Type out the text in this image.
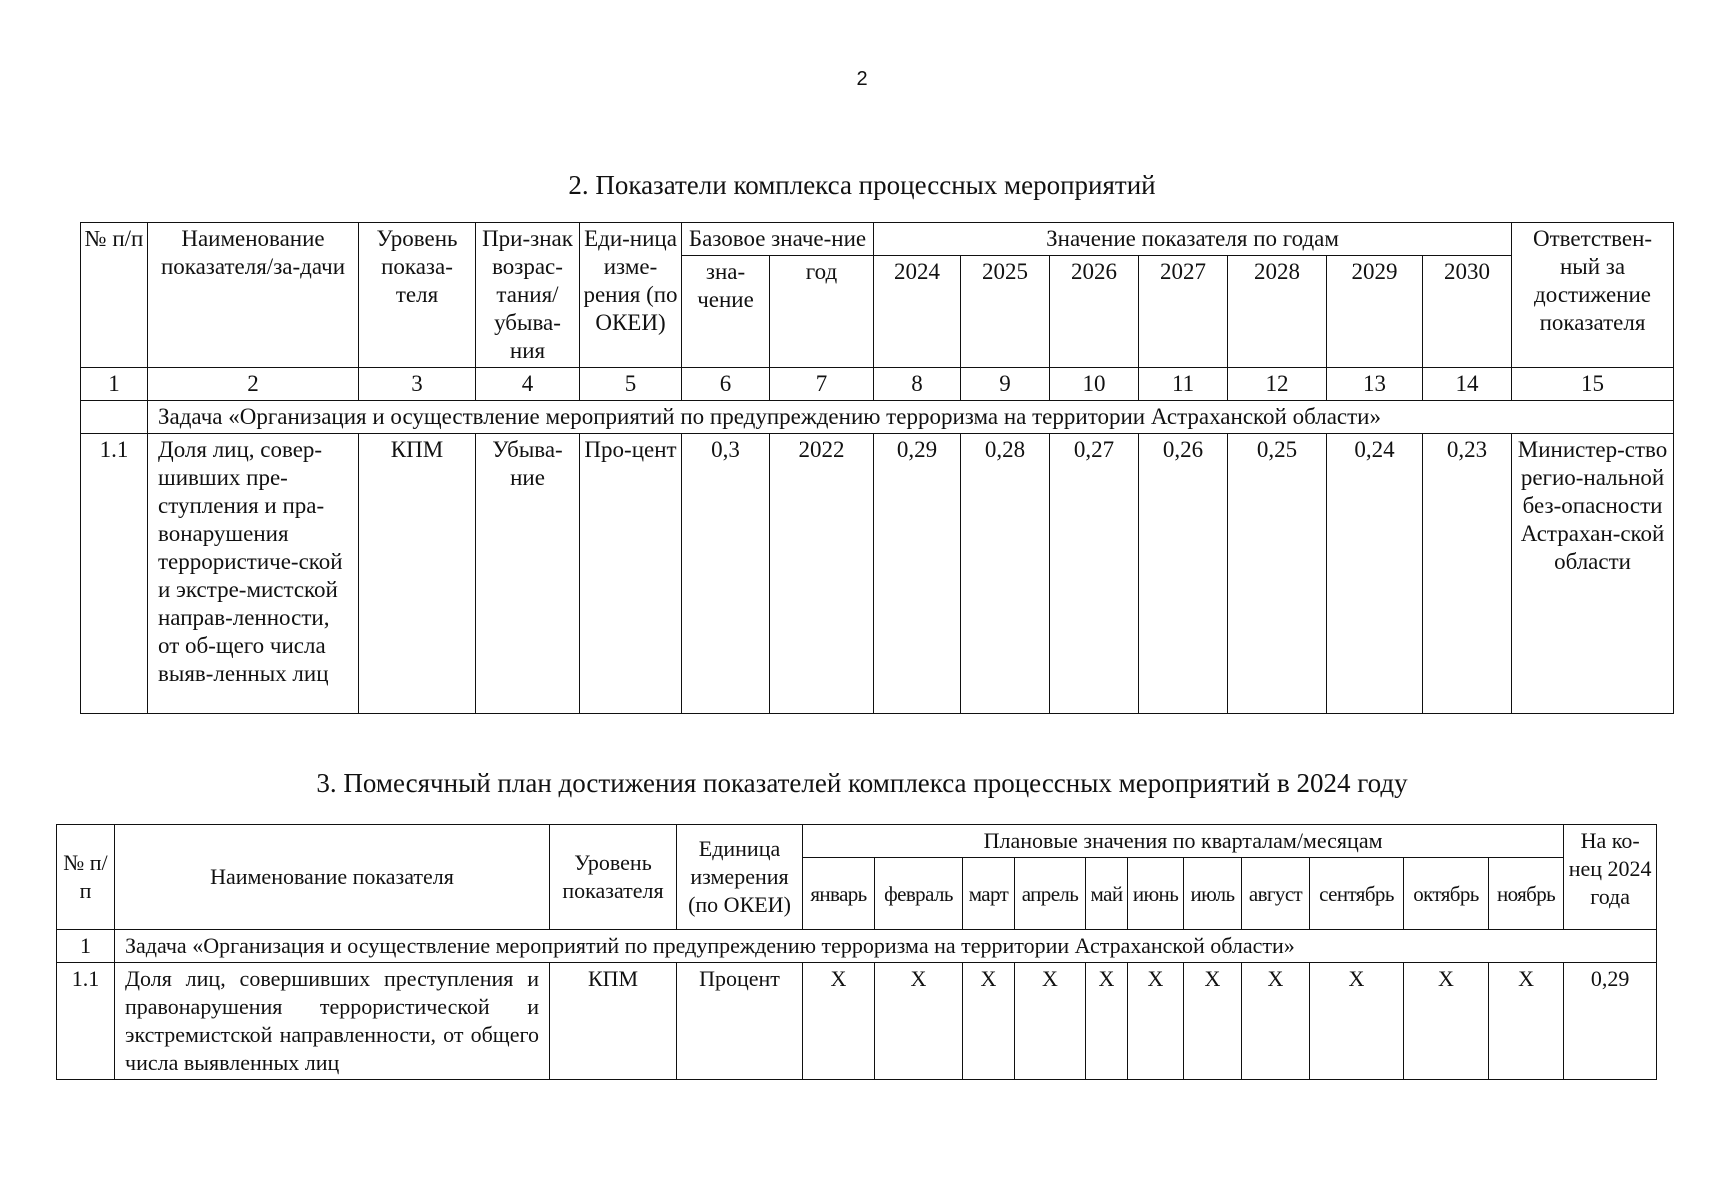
2
2. Показатели комплекса процессных мероприятий
№ п/п	Наименование показателя/за-дачи	Уровень показа-теля	При-знак возрас-тания/ убыва-ния	Еди-ница изме-рения (по ОКЕИ)	Базовое значе-ние		Значение показателя по годам							Ответствен-ный за достижение показателя
					зна-чение	год	2024	2025	2026	2027	2028	2029	2030	
1	2	3	4	5	6	7	8	9	10	11	12	13	14	15
	Задача «Организация и осуществление мероприятий по предупреждению терроризма на территории Астраханской области»													
1.1	Доля лиц, совер-шивших пре-ступления и пра-вонарушения террористиче-ской и экстре-мистской направ-ленности, от об-щего числа выяв-ленных лиц	КПМ	Убыва-ние	Про-цент	0,3	2022	0,29	0,28	0,27	0,26	0,25	0,24	0,23	Министер-ство регио-нальной без-опасности Астрахан-ской области
3. Помесячный план достижения показателей комплекса процессных мероприятий в 2024 году
№ п/п	Наименование показателя	Уровень показателя	Единица измерения (по ОКЕИ)	Плановые значения по кварталам/месяцам											На ко-нец 2024 года
				январь	февраль	март	апрель	май	июнь	июль	август	сентябрь	октябрь	ноябрь	
1	Задача «Организация и осуществление мероприятий по предупреждению терроризма на территории Астраханской области»														
1.1	Доля лиц, совершивших преступления и правонарушения террористической и экстремистской направленности, от общего числа выявленных лиц	КПМ	Процент	X	X	X	X	X	X	X	X	X	X	X	0,29
